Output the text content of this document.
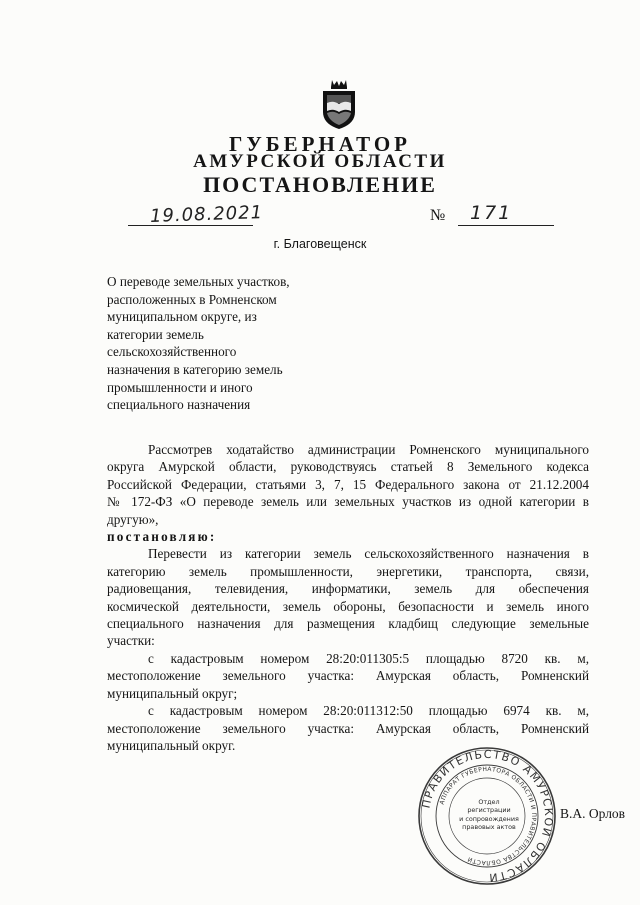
ГУБЕРНАТОР
АМУРСКОЙ ОБЛАСТИ
ПОСТАНОВЛЕНИЕ
19.08.2021	№ 171
г. Благовещенск
О переводе земельных участков,
расположенных в Ромненском
муниципальном округе, из
категории земель
сельскохозяйственного
назначения в категорию земель
промышленности и иного
специального назначения
Рассмотрев ходатайство администрации Ромненского муниципального
округа Амурской области, руководствуясь статьей 8 Земельного кодекса
Российской Федерации, статьями 3, 7, 15 Федерального закона от 21.12.2004
№ 172-ФЗ «О переводе земель или земельных участков из одной категории в
другую»,
постановляю:
Перевести из категории земель сельскохозяйственного назначения в
категорию земель промышленности, энергетики, транспорта, связи,
радиовещания, телевидения, информатики, земель для обеспечения
космической деятельности, земель обороны, безопасности и земель иного
специального назначения для размещения кладбищ следующие земельные
участки:
с кадастровым номером 28:20:011305:5 площадью 8720 кв. м,
местоположение земельного участка: Амурская область, Ромненский
муниципальный округ;
с кадастровым номером 28:20:011312:50 площадью 6974 кв. м,
местоположение земельного участка: Амурская область, Ромненский
муниципальный округ.
ПРАВИТЕЛЬСТВО АМУРСКОЙ ОБЛАСТИ
АППАРАТ ГУБЕРНАТОРА ОБЛАСТИ И ПРАВИТЕЛЬСТВА ОБЛАСТИ
Отдел
регистрации
и сопровождения
правовых актов
В.А. Орлов
